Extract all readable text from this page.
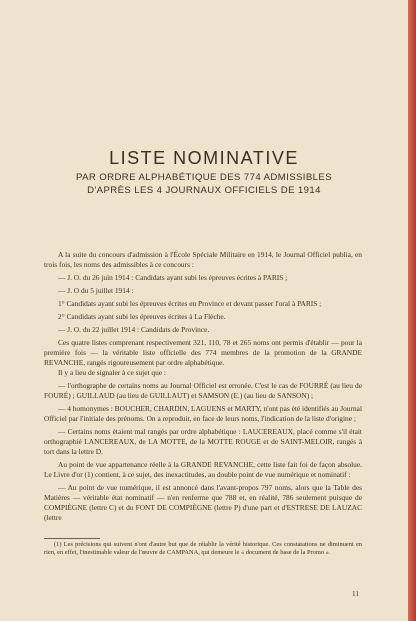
LISTE NOMINATIVE
PAR ORDRE ALPHABÉTIQUE DES 774 ADMISSIBLES
D'APRÈS LES 4 JOURNAUX OFFICIELS DE 1914

A la suite du concours d'admission à l'École Spéciale Militaire en 1914, le Journal Officiel publia, en trois fois, les noms des admissibles à ce concours :

— J. O. du 26 juin 1914 : Candidats ayant subi les épreuves écrites à PARIS ;

— J. O du 5 juillet 1914 :

1° Candidats ayant subi les épreuves écrites en Province et devant passer l'oral à PARIS ;

2° Candidats ayant subi les épreuves écrites à La Flèche.

— J. O. du 22 juillet 1914 : Candidats de Province.

Ces quatre listes comprenant respectivement 321, 110, 78 et 265 noms ont permis d'établir — pour la première fois — la véritable liste officielle des 774 membres de la promotion de la GRANDE REVANCHE, rangés rigoureusement par ordre alphabétique.

Il y a lieu de signaler à ce sujet que :

— l'orthographe de certains noms au Journal Officiel est erronée. C'est le cas de FOURRÉ (au lieu de FOURÉ) ; GUILLAUD (au lieu de GUILLAUT) et SAMSON (E.) (au lieu de SANSON) ;

— 4 homonymes : BOUCHER, CHARDIN, LAGUENS et MARTY, n'ont pas été identifiés au Journal Officiel par l'initiale des prénoms. On a reproduit, en face de leurs noms, l'indication de la liste d'origine ;

— Certains noms étaient mal rangés par ordre alphabétique : LAUCEREAUX, placé comme s'il était orthographié LANCEREAUX, de LA MOTTE, de la MOTTE ROUGE et de SAINT-MELOIR, rangés à tort dans la lettre D.

Au point de vue appartenance réelle à la GRANDE REVANCHE, cette liste fait foi de façon absolue. Le Livre d'or (1) contient, à ce sujet, des inexactitudes, au double point de vue numérique et nominatif :

— Au point de vue numérique, il est annoncé dans l'avant-propos 797 noms, alors que la Table des Matières — véritable état nominatif — n'en renferme que 788 et, en réalité, 786 seulement puisque de COMPIÈGNE (lettre C) et du FONT DE COMPIÈGNE (lettre P) d'une part et d'ESTRESE DE LAUZAC (lettre

(1) Les précisions qui suivent n'ont d'autre but que de rétablir la vérité historique. Ces constatations ne diminuent en rien, en effet, l'inestimable valeur de l'œuvre de CAMPANA, qui demeure le « document de base de la Promo ».

11
